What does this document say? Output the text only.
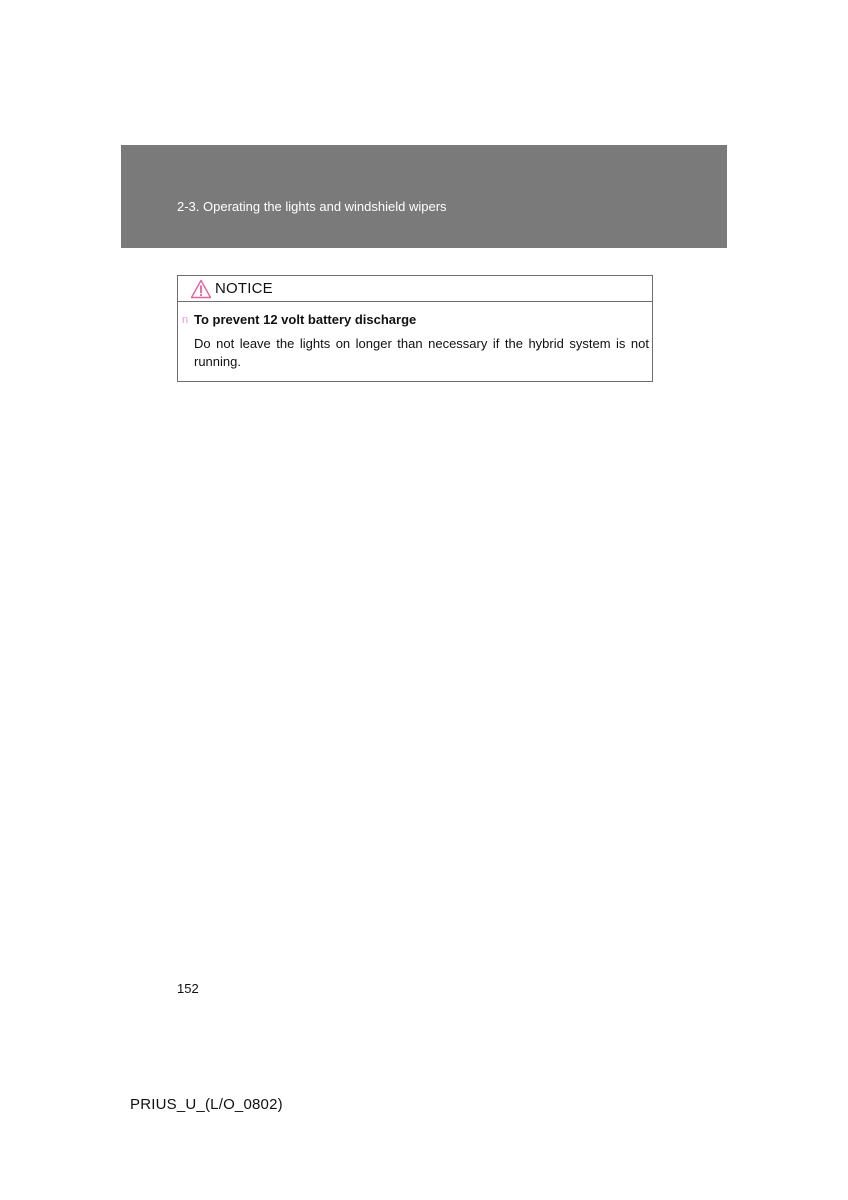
2-3. Operating the lights and windshield wipers
NOTICE
n To prevent 12 volt battery discharge
Do not leave the lights on longer than necessary if the hybrid system is not running.
152
PRIUS_U_(L/O_0802)
